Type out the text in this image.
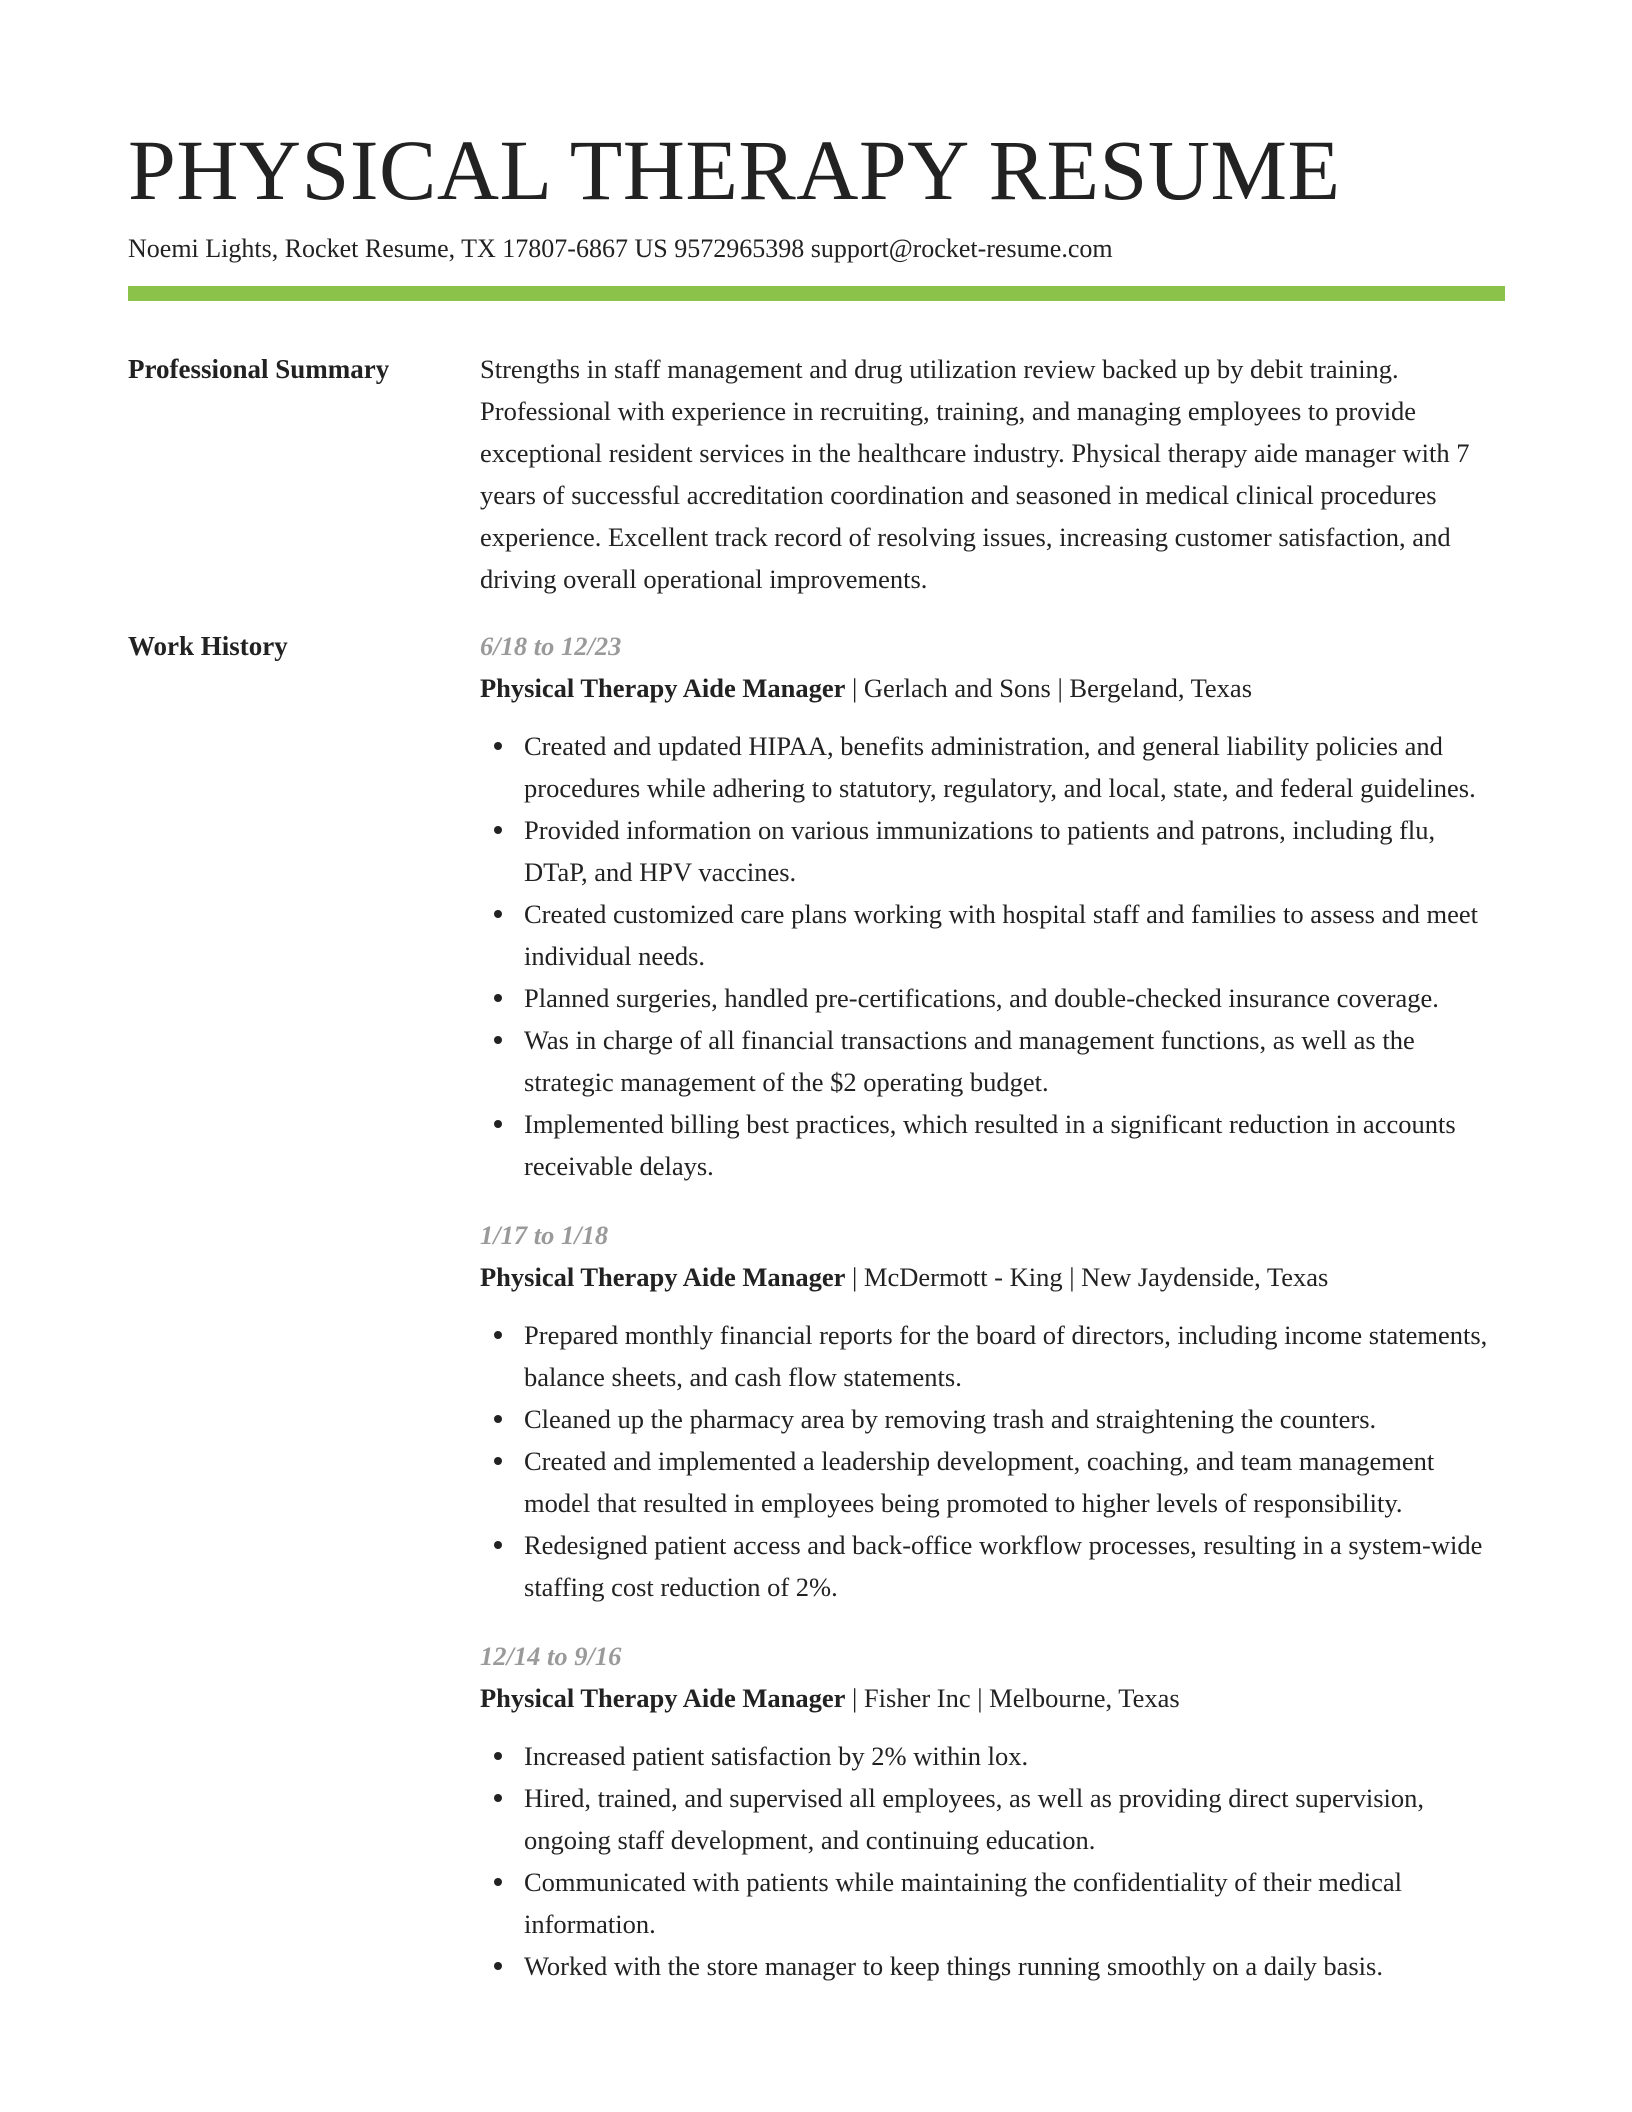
PHYSICAL THERAPY RESUME
Noemi Lights, Rocket Resume, TX 17807-6867 US 9572965398 support@rocket-resume.com
Professional Summary	Strengths in staff management and drug utilization review backed up by debit training. Professional with experience in recruiting, training, and managing employees to provide exceptional resident services in the healthcare industry. Physical therapy aide manager with 7 years of successful accreditation coordination and seasoned in medical clinical procedures experience. Excellent track record of resolving issues, increasing customer satisfaction, and driving overall operational improvements.

Work History	6/18 to 12/23
Physical Therapy Aide Manager | Gerlach and Sons | Bergeland, Texas
Created and updated HIPAA, benefits administration, and general liability policies and procedures while adhering to statutory, regulatory, and local, state, and federal guidelines.
Provided information on various immunizations to patients and patrons, including flu, DTaP, and HPV vaccines.
Created customized care plans working with hospital staff and families to assess and meet individual needs.
Planned surgeries, handled pre-certifications, and double-checked insurance coverage.
Was in charge of all financial transactions and management functions, as well as the strategic management of the $2 operating budget.
Implemented billing best practices, which resulted in a significant reduction in accounts receivable delays.
1/17 to 1/18
Physical Therapy Aide Manager | McDermott - King | New Jaydenside, Texas
Prepared monthly financial reports for the board of directors, including income statements, balance sheets, and cash flow statements.
Cleaned up the pharmacy area by removing trash and straightening the counters.
Created and implemented a leadership development, coaching, and team management model that resulted in employees being promoted to higher levels of responsibility.
Redesigned patient access and back-office workflow processes, resulting in a system-wide staffing cost reduction of 2%.
12/14 to 9/16
Physical Therapy Aide Manager | Fisher Inc | Melbourne, Texas
Increased patient satisfaction by 2% within lox.
Hired, trained, and supervised all employees, as well as providing direct supervision, ongoing staff development, and continuing education.
Communicated with patients while maintaining the confidentiality of their medical information.
Worked with the store manager to keep things running smoothly on a daily basis.
